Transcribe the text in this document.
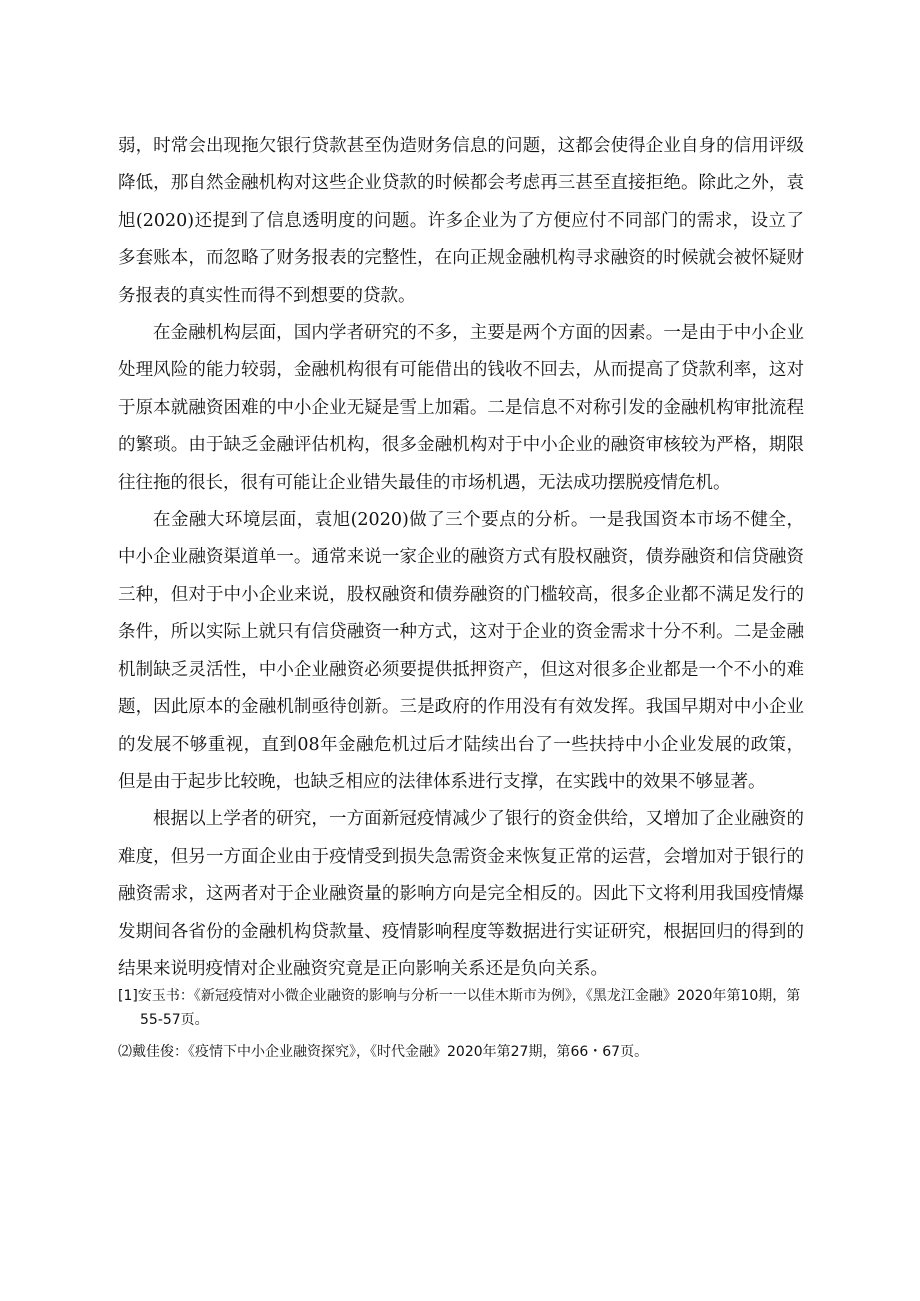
弱，时常会出现拖欠银行贷款甚至伪造财务信息的问题，这都会使得企业自身的信用评级降低，那自然金融机构对这些企业贷款的时候都会考虑再三甚至直接拒绝。除此之外，袁旭(2020)还提到了信息透明度的问题。许多企业为了方便应付不同部门的需求，设立了多套账本，而忽略了财务报表的完整性，在向正规金融机构寻求融资的时候就会被怀疑财务报表的真实性而得不到想要的贷款。

在金融机构层面，国内学者研究的不多，主要是两个方面的因素。一是由于中小企业处理风险的能力较弱，金融机构很有可能借出的钱收不回去，从而提高了贷款利率，这对于原本就融资困难的中小企业无疑是雪上加霜。二是信息不对称引发的金融机构审批流程的繁琐。由于缺乏金融评估机构，很多金融机构对于中小企业的融资审核较为严格，期限往往拖的很长，很有可能让企业错失最佳的市场机遇，无法成功摆脱疫情危机。

在金融大环境层面，袁旭(2020)做了三个要点的分析。一是我国资本市场不健全，中小企业融资渠道单一。通常来说一家企业的融资方式有股权融资，债券融资和信贷融资三种，但对于中小企业来说，股权融资和债券融资的门槛较高，很多企业都不满足发行的条件，所以实际上就只有信贷融资一种方式，这对于企业的资金需求十分不利。二是金融机制缺乏灵活性，中小企业融资必须要提供抵押资产，但这对很多企业都是一个不小的难题，因此原本的金融机制亟待创新。三是政府的作用没有有效发挥。我国早期对中小企业的发展不够重视，直到08年金融危机过后才陆续出台了一些扶持中小企业发展的政策，但是由于起步比较晚，也缺乏相应的法律体系进行支撑，在实践中的效果不够显著。

根据以上学者的研究，一方面新冠疫情减少了银行的资金供给，又增加了企业融资的难度，但另一方面企业由于疫情受到损失急需资金来恢复正常的运营，会增加对于银行的融资需求，这两者对于企业融资量的影响方向是完全相反的。因此下文将利用我国疫情爆发期间各省份的金融机构贷款量、疫情影响程度等数据进行实证研究，根据回归的得到的结果来说明疫情对企业融资究竟是正向影响关系还是负向关系。

[1]安玉书：《新冠疫情对小微企业融资的影响与分析一一以佳木斯市为例》，《黑龙江金融》2020年第10期，第55-57页。

⑵戴佳俊：《疫情下中小企业融资探究》，《时代金融》2020年第27期，第66・67页。
